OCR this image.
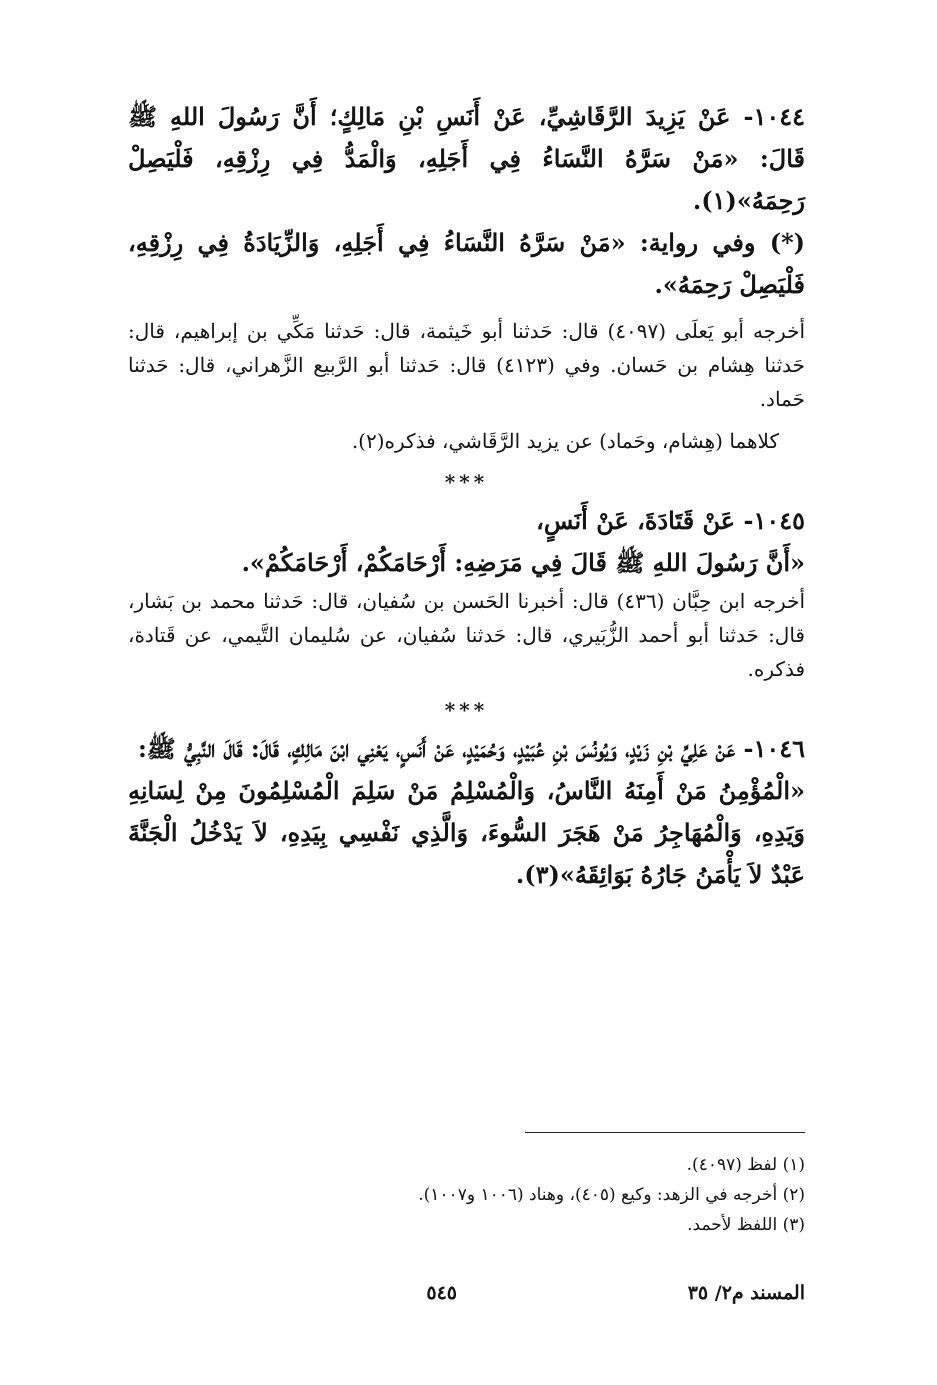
١٠٤٤- عَنْ يَزِيدَ الرَّقَاشِيِّ، عَنْ أَنَسِ بْنِ مَالِكٍ؛ أَنَّ رَسُولَ اللهِ ﷺ قَالَ: «مَنْ سَرَّهُ النَّسَاءُ فِي أَجَلِهِ، وَالْمَدُّ فِي رِزْقِهِ، فَلْيَصِلْ رَحِمَهُ»(١).

(*) وفي رواية: «مَنْ سَرَّهُ النَّسَاءُ فِي أَجَلِهِ، وَالزِّيَادَةُ فِي رِزْقِهِ، فَلْيَصِلْ رَحِمَهُ».

أخرجه أبو يَعلَى (٤٠٩٧) قال: حَدثنا أبو خَيثمة، قال: حَدثنا مَكِّي بن إبراهيم، قال: حَدثنا هِشام بن حَسان. وفي (٤١٢٣) قال: حَدثنا أبو الرَّبيع الزَّهراني، قال: حَدثنا حَماد.

كلاهما (هِشام، وحَماد) عن يزيد الرَّقَاشي، فذكره(٢).

***

١٠٤٥- عَنْ قَتَادَةَ، عَنْ أَنَسٍ،

«أَنَّ رَسُولَ اللهِ ﷺ قَالَ فِي مَرَضِهِ: أَرْحَامَكُمْ، أَرْحَامَكُمْ».

أخرجه ابن حِبَّان (٤٣٦) قال: أخبرنا الحَسن بن سُفيان، قال: حَدثنا محمد بن بَشار، قال: حَدثنا أبو أحمد الزُّبَيري، قال: حَدثنا سُفيان، عن سُليمان التَّيمي، عن قَتادة، فذكره.

***

١٠٤٦- عَنْ عَلِيِّ بْنِ زَيْدٍ، وَيُونُسَ بْنِ عُبَيْدٍ، وَحُمَيْدٍ، عَنْ أَنَسٍ، يَعْنِي ابْنَ مَالِكٍ، قَالَ: قَالَ النَّبِيُّ ﷺ:

«الْمُؤْمِنُ مَنْ أَمِنَهُ النَّاسُ، وَالْمُسْلِمُ مَنْ سَلِمَ الْمُسْلِمُونَ مِنْ لِسَانِهِ وَيَدِهِ، وَالْمُهَاجِرُ مَنْ هَجَرَ السُّوءَ، وَالَّذِي نَفْسِي بِيَدِهِ، لاَ يَدْخُلُ الْجَنَّةَ عَبْدٌ لاَ يَأْمَنُ جَارُهُ بَوَائِقَهُ»(٣).

(١) لفظ (٤٠٩٧).
(٢) أخرجه في الزهد: وكيع (٤٠٥)، وهناد (١٠٠٦ و١٠٠٧).
(٣) اللفظ لأحمد.
المسند م٢/ ٣٥
٥٤٥
